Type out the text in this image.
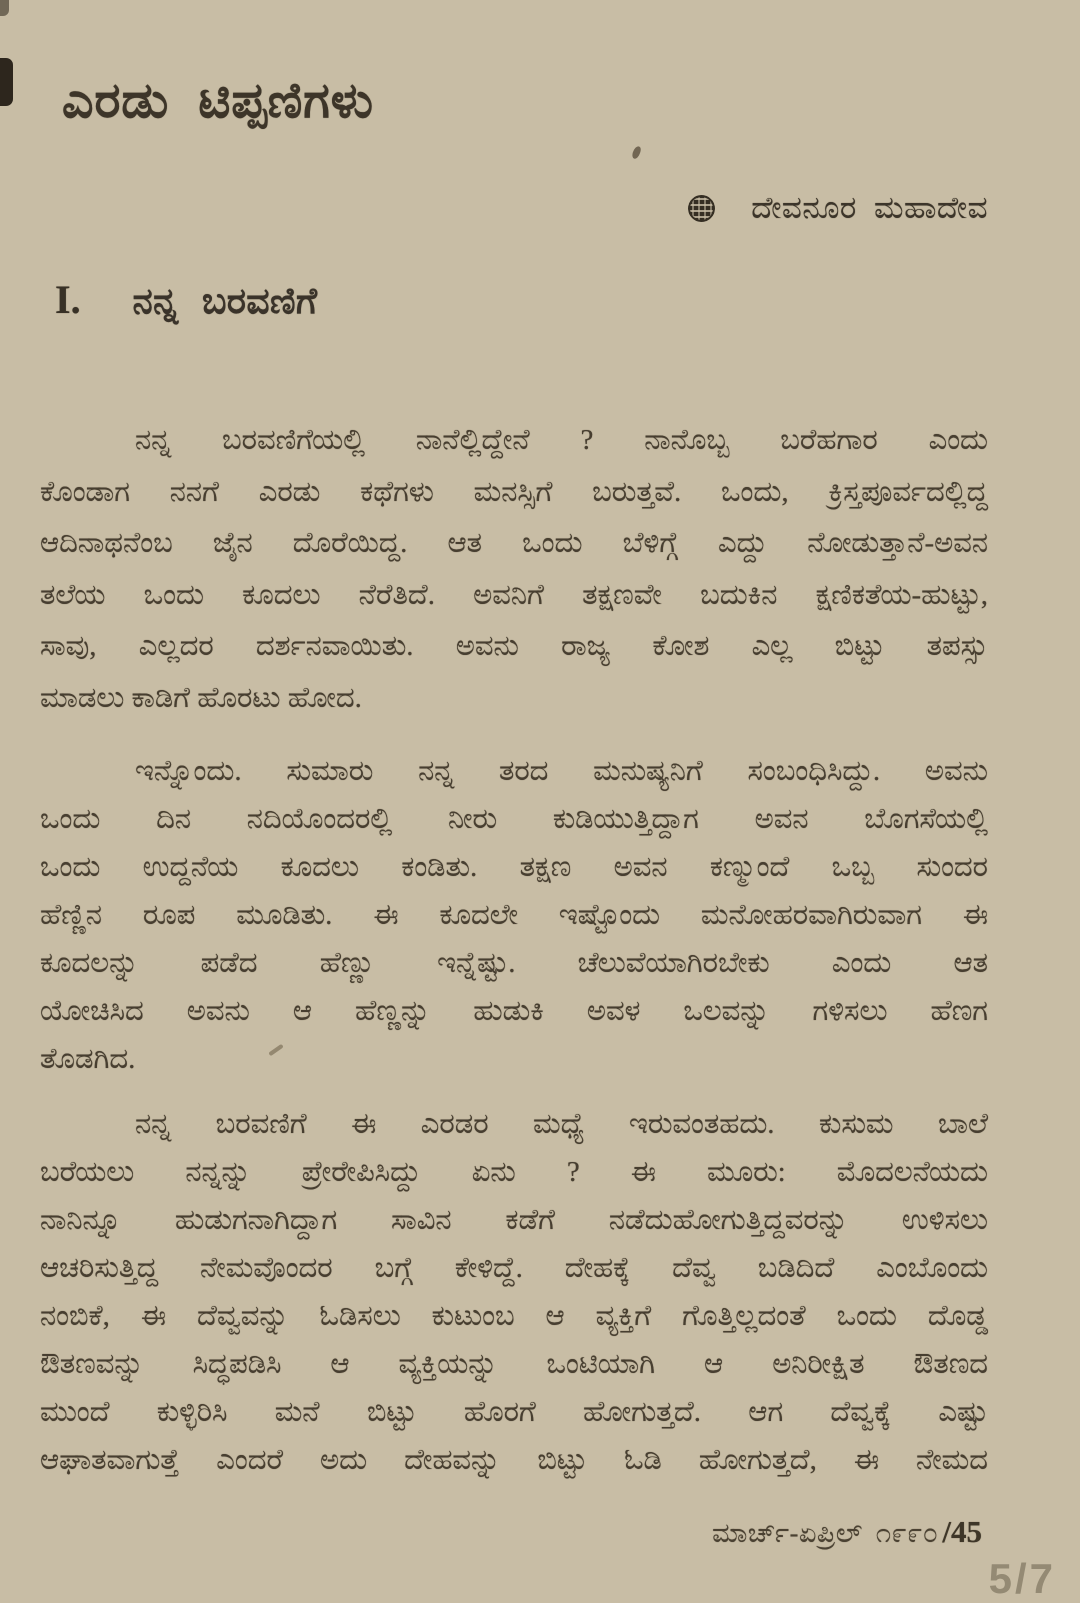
ಎರಡು ಟಿಪ್ಪಣಿಗಳು
ದೇವನೂರ ಮಹಾದೇವ
I. ನನ್ನ ಬರವಣಿಗೆ
ನನ್ನ ಬರವಣಿಗೆಯಲ್ಲಿ ನಾನೆಲ್ಲಿದ್ದೇನೆ ? ನಾನೊಬ್ಬ ಬರೆಹಗಾರ ಎಂದು
ಕೊಂಡಾಗ ನನಗೆ ಎರಡು ಕಥೆಗಳು ಮನಸ್ಸಿಗೆ ಬರುತ್ತವೆ. ಒಂದು, ಕ್ರಿಸ್ತಪೂರ್ವದಲ್ಲಿದ್ದ
ಆದಿನಾಥನೆಂಬ ಜೈನ ದೊರೆಯಿದ್ದ. ಆತ ಒಂದು ಬೆಳಿಗ್ಗೆ ಎದ್ದು ನೋಡುತ್ತಾನೆ-ಅವನ
ತಲೆಯ ಒಂದು ಕೂದಲು ನೆರೆತಿದೆ. ಅವನಿಗೆ ತಕ್ಷಣವೇ ಬದುಕಿನ ಕ್ಷಣಿಕತೆಯ-ಹುಟ್ಟು,
ಸಾವು, ಎಲ್ಲದರ ದರ್ಶನವಾಯಿತು. ಅವನು ರಾಜ್ಯ ಕೋಶ ಎಲ್ಲ ಬಿಟ್ಟು ತಪಸ್ಸು
ಮಾಡಲು ಕಾಡಿಗೆ ಹೊರಟು ಹೋದ.
ಇನ್ನೊಂದು. ಸುಮಾರು ನನ್ನ ತರದ ಮನುಷ್ಯನಿಗೆ ಸಂಬಂಧಿಸಿದ್ದು. ಅವನು
ಒಂದು ದಿನ ನದಿಯೊಂದರಲ್ಲಿ ನೀರು ಕುಡಿಯುತ್ತಿದ್ದಾಗ ಅವನ ಬೊಗಸೆಯಲ್ಲಿ
ಒಂದು ಉದ್ದನೆಯ ಕೂದಲು ಕಂಡಿತು. ತಕ್ಷಣ ಅವನ ಕಣ್ಮುಂದೆ ಒಬ್ಬ ಸುಂದರ
ಹೆಣ್ಣಿನ ರೂಪ ಮೂಡಿತು. ಈ ಕೂದಲೇ ಇಷ್ಟೊಂದು ಮನೋಹರವಾಗಿರುವಾಗ ಈ
ಕೂದಲನ್ನು ಪಡೆದ ಹೆಣ್ಣು ಇನ್ನೆಷ್ಟು. ಚೆಲುವೆಯಾಗಿರಬೇಕು ಎಂದು ಆತ
ಯೋಚಿಸಿದ ಅವನು ಆ ಹೆಣ್ಣನ್ನು ಹುಡುಕಿ ಅವಳ ಒಲವನ್ನು ಗಳಿಸಲು ಹೆಣಗ
ತೊಡಗಿದ.
ನನ್ನ ಬರವಣಿಗೆ ಈ ಎರಡರ ಮಧ್ಯೆ ಇರುವಂತಹದು. ಕುಸುಮ ಬಾಲೆ
ಬರೆಯಲು ನನ್ನನ್ನು ಪ್ರೇರೇಪಿಸಿದ್ದು ಏನು ? ಈ ಮೂರು: ಮೊದಲನೆಯದು
ನಾನಿನ್ನೂ ಹುಡುಗನಾಗಿದ್ದಾಗ ಸಾವಿನ ಕಡೆಗೆ ನಡೆದುಹೋಗುತ್ತಿದ್ದವರನ್ನು ಉಳಿಸಲು
ಆಚರಿಸುತ್ತಿದ್ದ ನೇಮವೊಂದರ ಬಗ್ಗೆ ಕೇಳಿದ್ದೆ. ದೇಹಕ್ಕೆ ದೆವ್ವ ಬಡಿದಿದೆ ಎಂಬೊಂದು
ನಂಬಿಕೆ, ಈ ದೆವ್ವವನ್ನು ಓಡಿಸಲು ಕುಟುಂಬ ಆ ವ್ಯಕ್ತಿಗೆ ಗೊತ್ತಿಲ್ಲದಂತೆ ಒಂದು ದೊಡ್ಡ
ಔತಣವನ್ನು ಸಿದ್ಧಪಡಿಸಿ ಆ ವ್ಯಕ್ತಿಯನ್ನು ಒಂಟಿಯಾಗಿ ಆ ಅನಿರೀಕ್ಷಿತ ಔತಣದ
ಮುಂದೆ ಕುಳ್ಳಿರಿಸಿ ಮನೆ ಬಿಟ್ಟು ಹೊರಗೆ ಹೋಗುತ್ತದೆ. ಆಗ ದೆವ್ವಕ್ಕೆ ಎಷ್ಟು
ಆಘಾತವಾಗುತ್ತೆ ಎಂದರೆ ಅದು ದೇಹವನ್ನು ಬಿಟ್ಟು ಓಡಿ ಹೋಗುತ್ತದೆ, ಈ ನೇಮದ
ಮಾರ್ಚ್-ಏಪ್ರಿಲ್ ೧೯೯೦ /45
5/7
